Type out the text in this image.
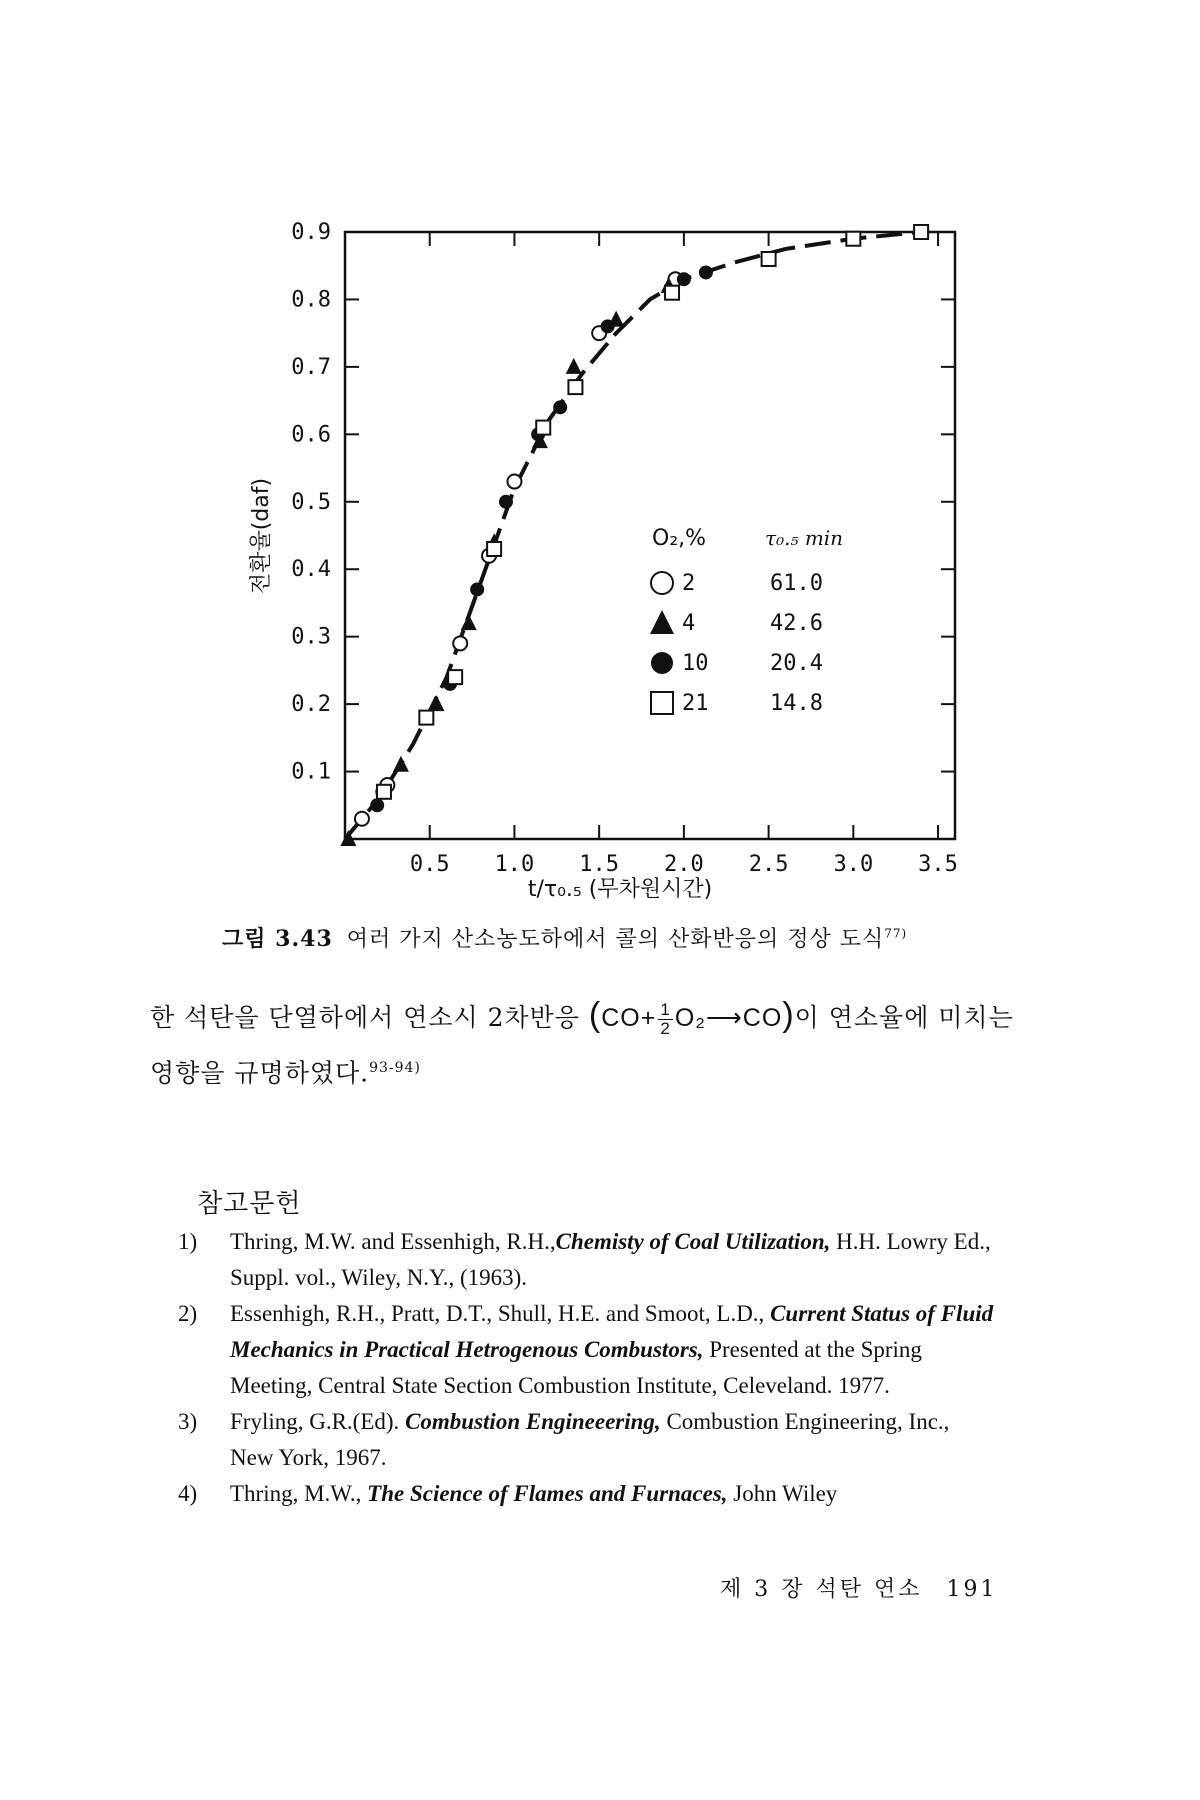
0.5 1.0 1.5 2.0 2.5 3.0 3.5
0.1
0.2
0.3
0.4
0.5
0.6
0.7
0.8
0.9
t/τ₀.₅ (무차원시간)
전환율(daf)	O₂,%	τ₀.₅ min
2	61.0
4	42.6
10	20.4
21	14.8
그림 3.43 여러 가지 산소농도하에서 콜의 산화반응의 정상 도식$^{77)}$
한 석탄을 단열하에서 연소시 2차반응 ($CO+ \frac{1}{2}$ O₂⟶CO)이 연소율에 미치는 영향을 규명하였다.$^{93-94)}$
참고문헌
1) Thring, M.W. and Essenhigh, R.H.,Chemisty of Coal Utilization, H.H. Lowry Ed., Suppl. vol., Wiley, N.Y., (1963).
2) Essenhigh, R.H., Pratt, D.T., Shull, H.E. and Smoot, L.D., Current Status of Fluid Mechanics in Practical Hetrogenous Combustors, Presented at the Spring Meeting, Central State Section Combustion Institute, Celeveland. 1977.
3) Fryling, G.R.(Ed). Combustion Engineeering, Combustion Engineering, Inc., New York, 1967.
4) Thring, M.W., The Science of Flames and Furnaces, John Wiley
제 3 장 석탄 연소 191
